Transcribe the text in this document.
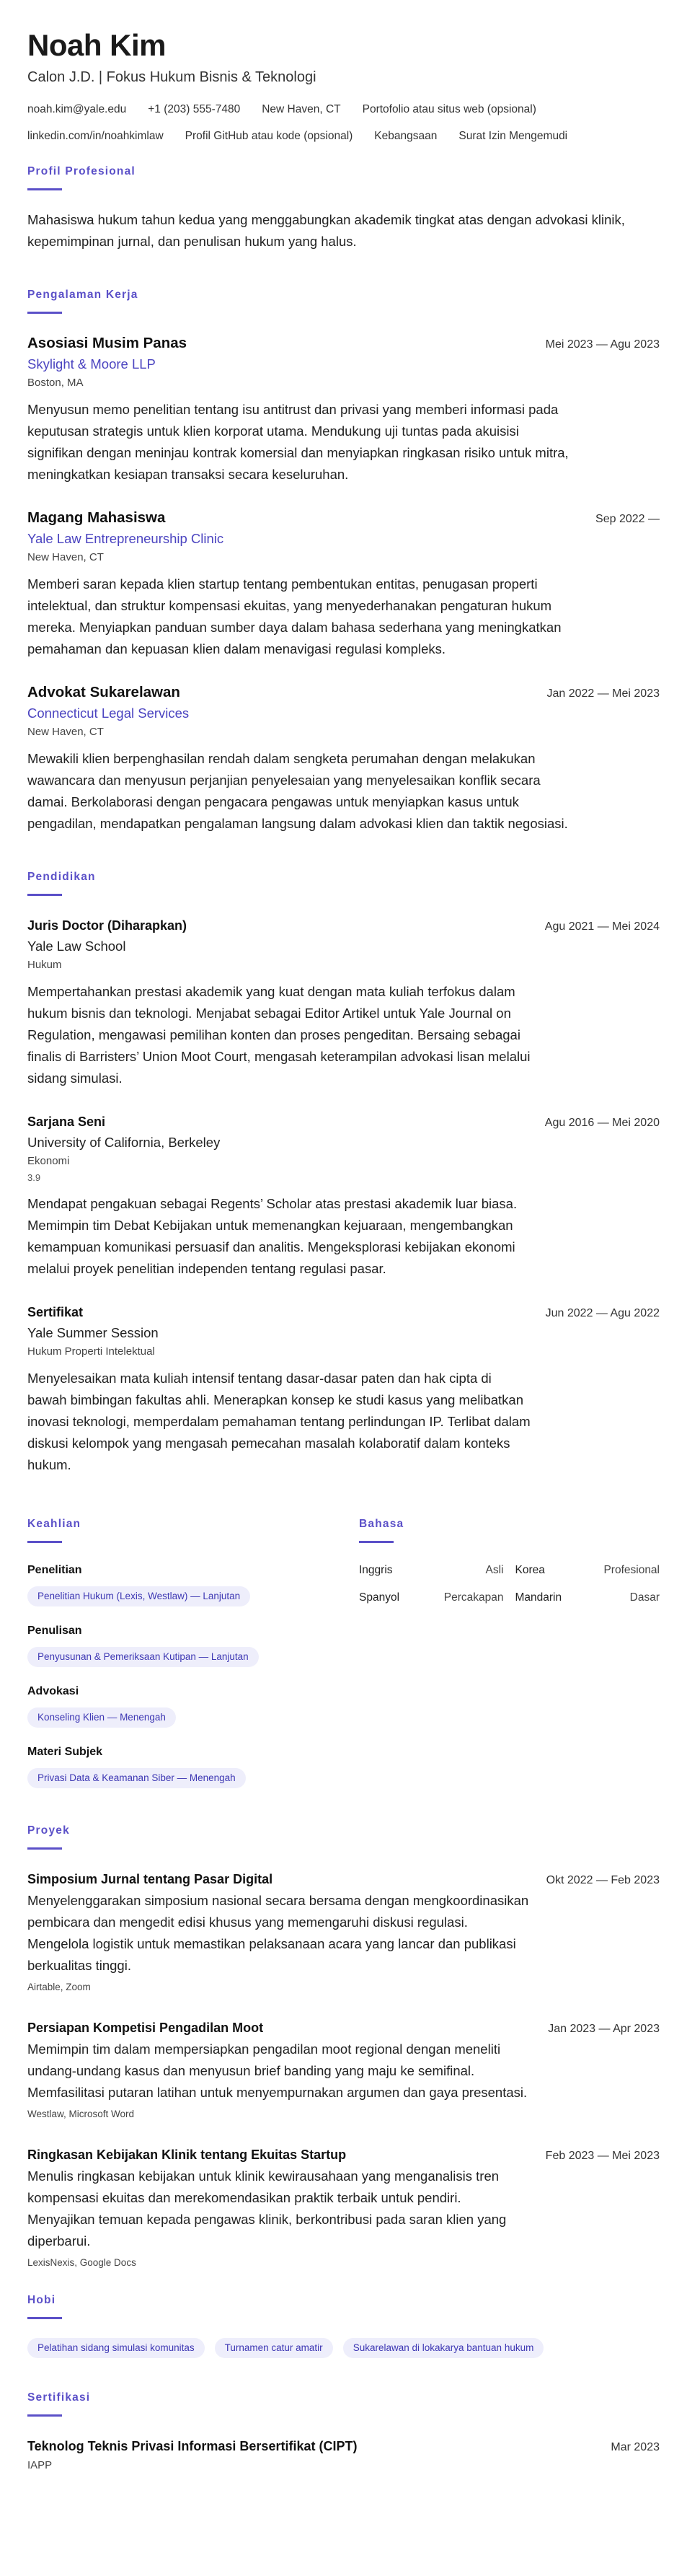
Noah Kim
Calon J.D. | Fokus Hukum Bisnis & Teknologi
noah.kim@yale.edu +1 (203) 555-7480 New Haven, CT Portofolio atau situs web (opsional)
linkedin.com/in/noahkimlaw Profil GitHub atau kode (opsional) Kebangsaan Surat Izin Mengemudi
Profil Profesional

Mahasiswa hukum tahun kedua yang menggabungkan akademik tingkat atas dengan advokasi klinik, kepemimpinan jurnal, dan penulisan hukum yang halus.

Pengalaman Kerja
Asosiasi Musim Panas	Mei 2023 — Agu 2023
Skylight & Moore LLP
Boston, MA

Menyusun memo penelitian tentang isu antitrust dan privasi yang memberi informasi pada keputusan strategis untuk klien korporat utama. Mendukung uji tuntas pada akuisisi signifikan dengan meninjau kontrak komersial dan menyiapkan ringkasan risiko untuk mitra, meningkatkan kesiapan transaksi secara keseluruhan.

Magang Mahasiswa	Sep 2022 —
Yale Law Entrepreneurship Clinic
New Haven, CT

Memberi saran kepada klien startup tentang pembentukan entitas, penugasan properti intelektual, dan struktur kompensasi ekuitas, yang menyederhanakan pengaturan hukum mereka. Menyiapkan panduan sumber daya dalam bahasa sederhana yang meningkatkan pemahaman dan kepuasan klien dalam menavigasi regulasi kompleks.

Advokat Sukarelawan	Jan 2022 — Mei 2023
Connecticut Legal Services
New Haven, CT

Mewakili klien berpenghasilan rendah dalam sengketa perumahan dengan melakukan wawancara dan menyusun perjanjian penyelesaian yang menyelesaikan konflik secara damai. Berkolaborasi dengan pengacara pengawas untuk menyiapkan kasus untuk pengadilan, mendapatkan pengalaman langsung dalam advokasi klien dan taktik negosiasi.

Pendidikan
Juris Doctor (Diharapkan)	Agu 2021 — Mei 2024
Yale Law School
Hukum

Mempertahankan prestasi akademik yang kuat dengan mata kuliah terfokus dalam hukum bisnis dan teknologi. Menjabat sebagai Editor Artikel untuk Yale Journal on Regulation, mengawasi pemilihan konten dan proses pengeditan. Bersaing sebagai finalis di Barristers’ Union Moot Court, mengasah keterampilan advokasi lisan melalui sidang simulasi.

Sarjana Seni	Agu 2016 — Mei 2020
University of California, Berkeley
Ekonomi
3.9

Mendapat pengakuan sebagai Regents’ Scholar atas prestasi akademik luar biasa. Memimpin tim Debat Kebijakan untuk memenangkan kejuaraan, mengembangkan kemampuan komunikasi persuasif dan analitis. Mengeksplorasi kebijakan ekonomi melalui proyek penelitian independen tentang regulasi pasar.

Sertifikat	Jun 2022 — Agu 2022
Yale Summer Session
Hukum Properti Intelektual

Menyelesaikan mata kuliah intensif tentang dasar-dasar paten dan hak cipta di bawah bimbingan fakultas ahli. Menerapkan konsep ke studi kasus yang melibatkan inovasi teknologi, memperdalam pemahaman tentang perlindungan IP. Terlibat dalam diskusi kelompok yang mengasah pemecahan masalah kolaboratif dalam konteks hukum.

Keahlian
Penelitian
Penelitian Hukum (Lexis, Westlaw) — Lanjutan
Penulisan
Penyusunan & Pemeriksaan Kutipan — Lanjutan
Advokasi
Konseling Klien — Menengah
Materi Subjek
Privasi Data & Keamanan Siber — Menengah
Bahasa
Inggris	Asli Korea	Profesional
Spanyol	Percakapan Mandarin	Dasar
Proyek
Simposium Jurnal tentang Pasar Digital	Okt 2022 — Feb 2023

Menyelenggarakan simposium nasional secara bersama dengan mengkoordinasikan pembicara dan mengedit edisi khusus yang memengaruhi diskusi regulasi. Mengelola logistik untuk memastikan pelaksanaan acara yang lancar dan publikasi berkualitas tinggi.

Airtable, Zoom
Persiapan Kompetisi Pengadilan Moot	Jan 2023 — Apr 2023

Memimpin tim dalam mempersiapkan pengadilan moot regional dengan meneliti undang-undang kasus dan menyusun brief banding yang maju ke semifinal. Memfasilitasi putaran latihan untuk menyempurnakan argumen dan gaya presentasi.

Westlaw, Microsoft Word
Ringkasan Kebijakan Klinik tentang Ekuitas Startup	Feb 2023 — Mei 2023

Menulis ringkasan kebijakan untuk klinik kewirausahaan yang menganalisis tren kompensasi ekuitas dan merekomendasikan praktik terbaik untuk pendiri. Menyajikan temuan kepada pengawas klinik, berkontribusi pada saran klien yang diperbarui.

LexisNexis, Google Docs
Hobi
Pelatihan sidang simulasi komunitas	Turnamen catur amatir	Sukarelawan di lokakarya bantuan hukum
Sertifikasi
Teknolog Teknis Privasi Informasi Bersertifikat (CIPT)	Mar 2023
IAPP
